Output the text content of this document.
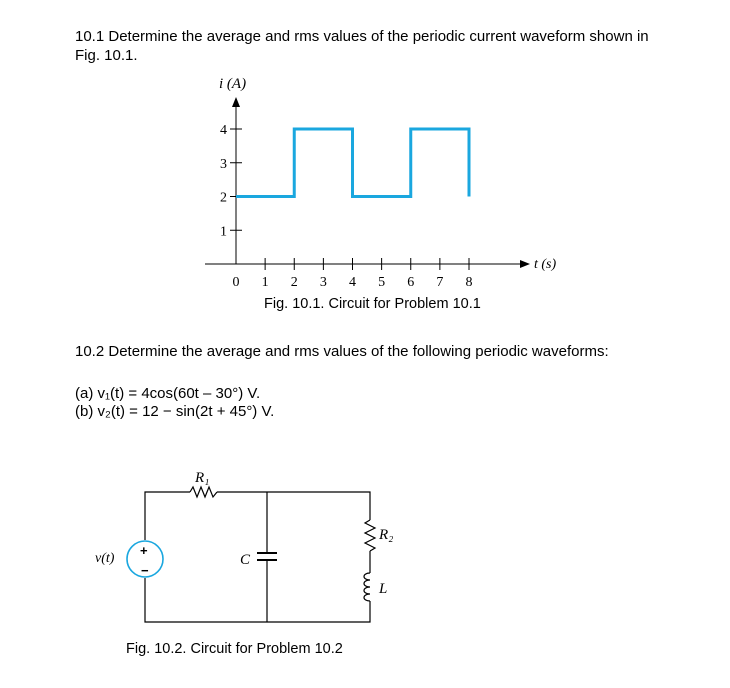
10.1 Determine the average and rms values of the periodic current waveform shown in
Fig. 10.1.
0 1 2 3 4 5 6 7 8
1
2
3
4
i (A)
t (s)
Fig. 10.1. Circuit for Problem 10.1
10.2 Determine the average and rms values of the following periodic waveforms:
(a) v₁(t) = 4cos(60t – 30°) V.
(b) v₂(t) = 12 − sin(2t + 45°) V.
+
−
v(t)
R₁
C
R₂
L
Fig. 10.2. Circuit for Problem 10.2
